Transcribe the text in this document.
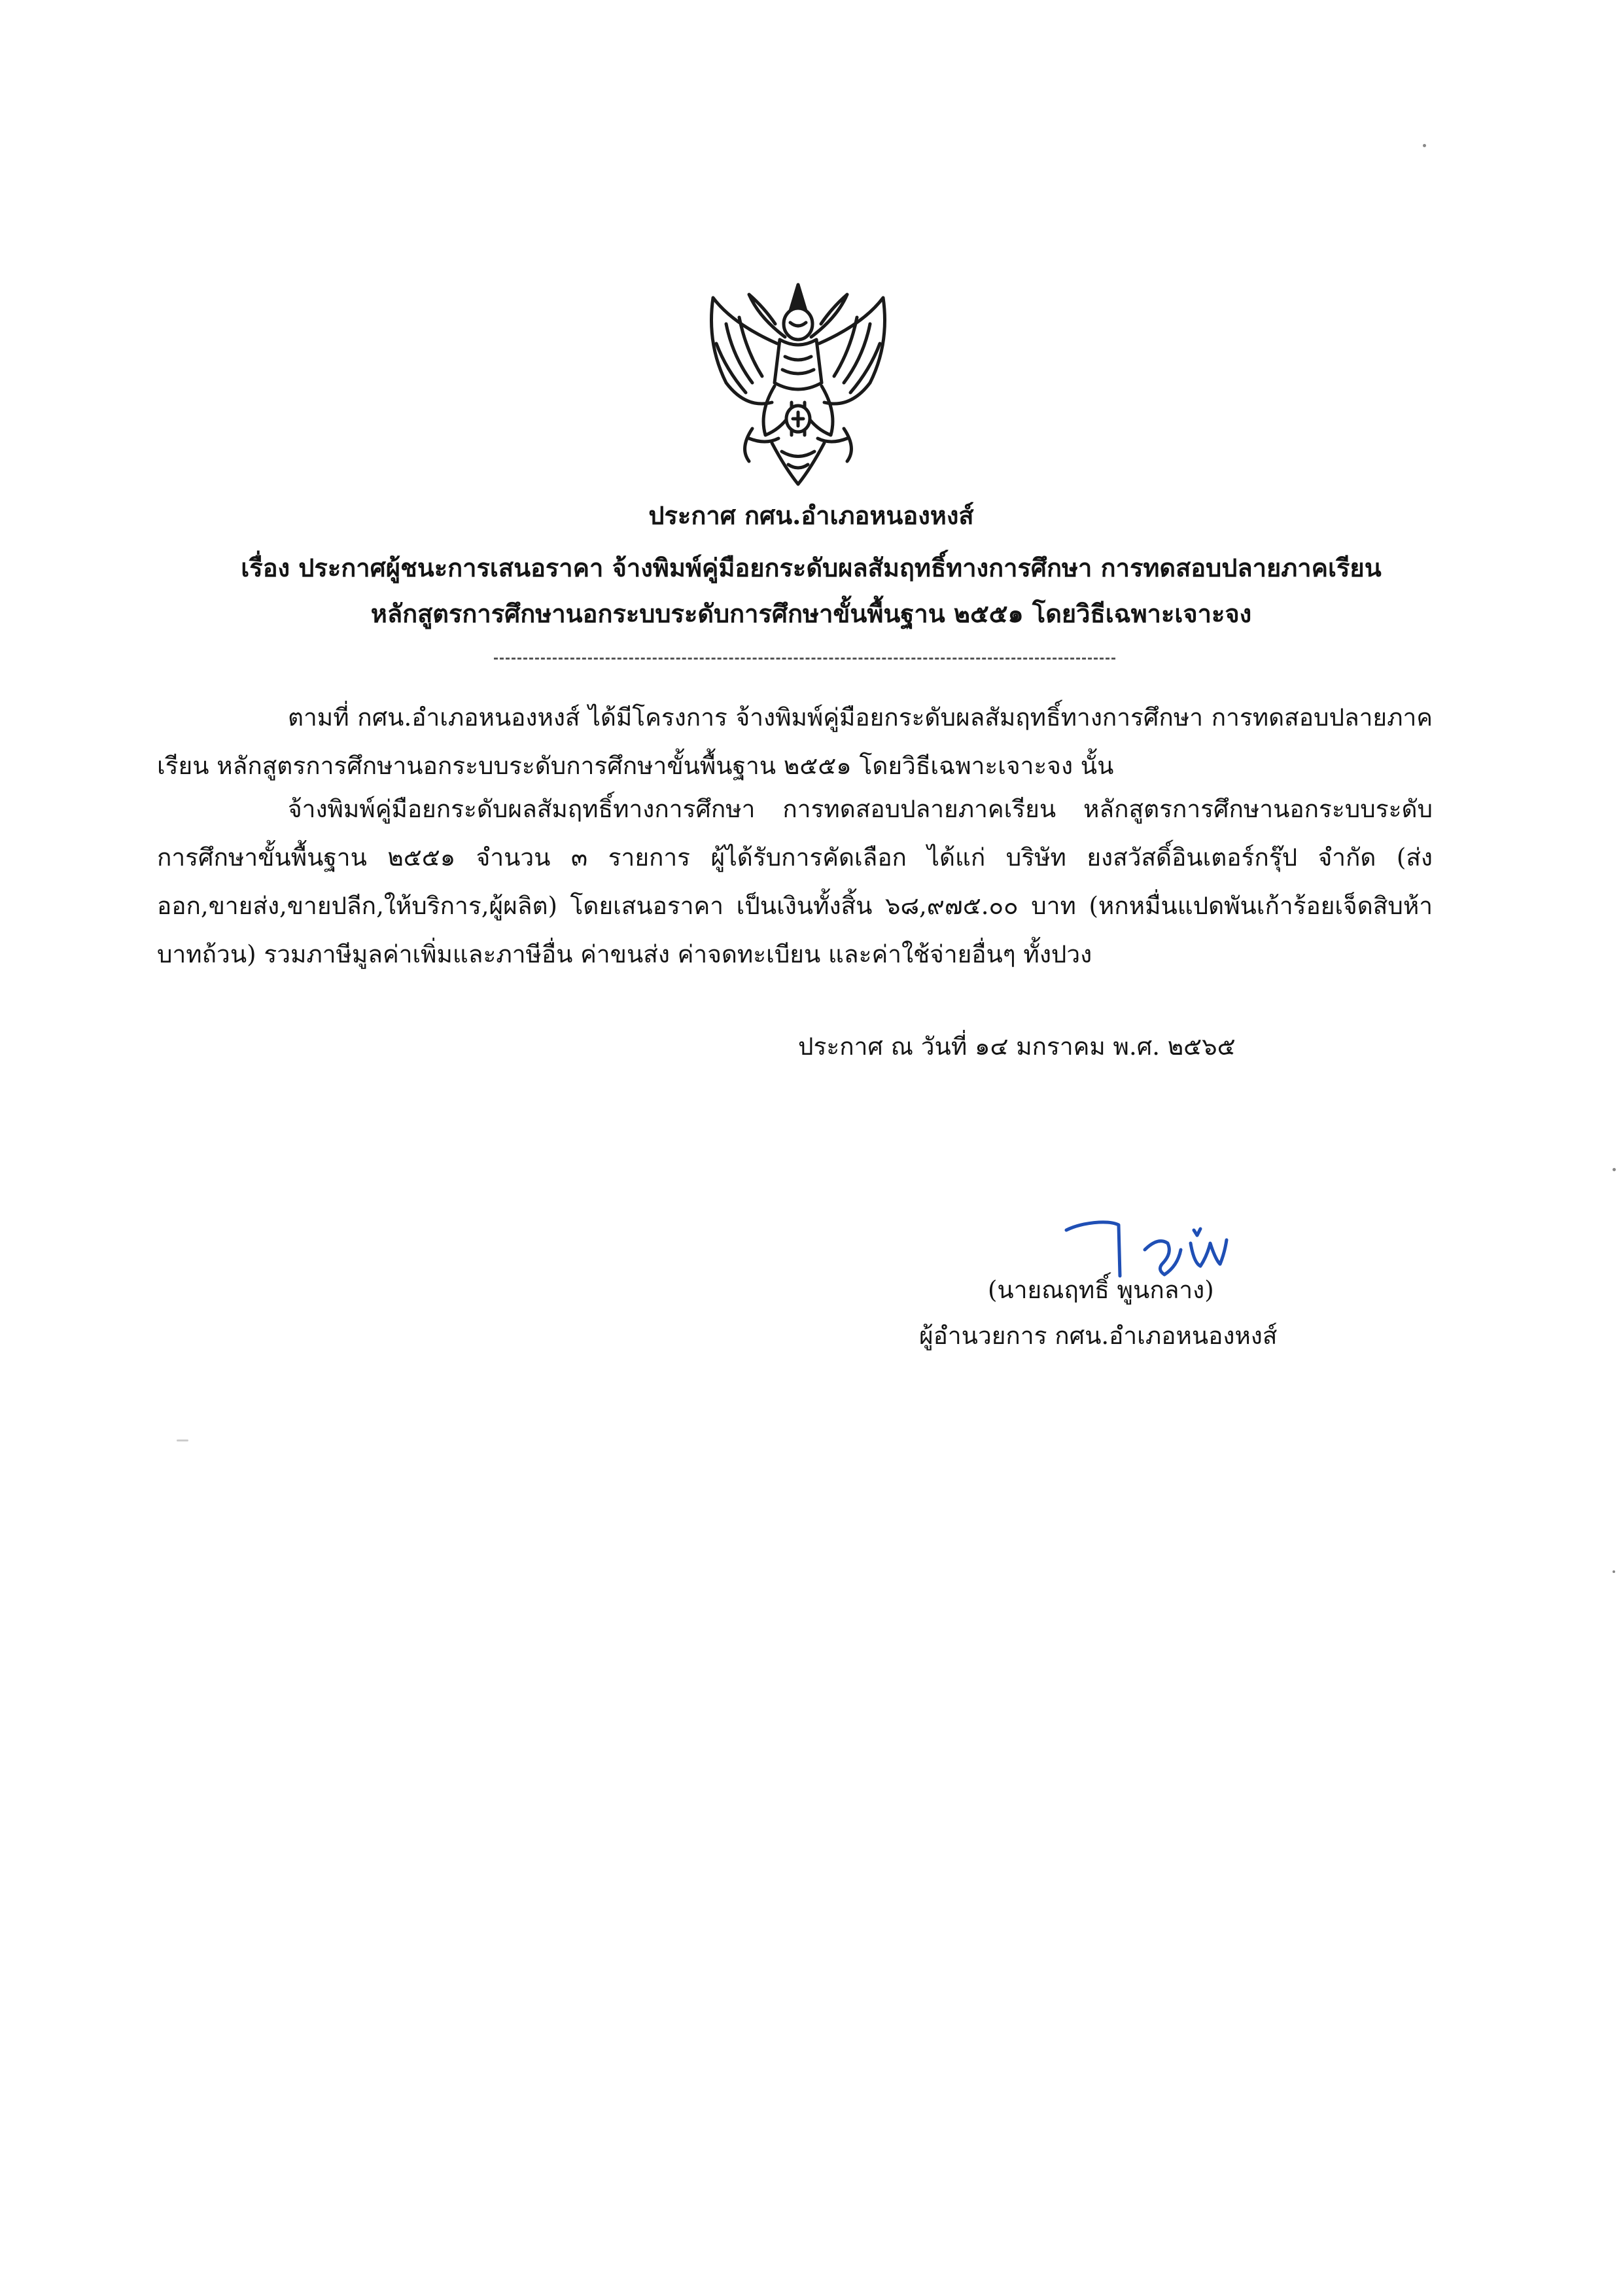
ประกาศ กศน.อำเภอหนองหงส์
เรื่อง ประกาศผู้ชนะการเสนอราคา จ้างพิมพ์คู่มือยกระดับผลสัมฤทธิ์ทางการศึกษา การทดสอบปลายภาคเรียน
หลักสูตรการศึกษานอกระบบระดับการศึกษาขั้นพื้นฐาน ๒๕๕๑ โดยวิธีเฉพาะเจาะจง
ตามที่ กศน.อำเภอหนองหงส์ ได้มีโครงการ จ้างพิมพ์คู่มือยกระดับผลสัมฤทธิ์ทางการศึกษา การทดสอบปลายภาคเรียน หลักสูตรการศึกษานอกระบบระดับการศึกษาขั้นพื้นฐาน ๒๕๕๑ โดยวิธีเฉพาะเจาะจง นั้น
จ้างพิมพ์คู่มือยกระดับผลสัมฤทธิ์ทางการศึกษา การทดสอบปลายภาคเรียน หลักสูตรการศึกษานอกระบบระดับการศึกษาขั้นพื้นฐาน ๒๕๕๑ จำนวน ๓ รายการ ผู้ได้รับการคัดเลือก ได้แก่ บริษัท ยงสวัสดิ์อินเตอร์กรุ๊ป จำกัด (ส่งออก,ขายส่ง,ขายปลีก,ให้บริการ,ผู้ผลิต) โดยเสนอราคา เป็นเงินทั้งสิ้น ๖๘,๙๗๕.๐๐ บาท (หกหมื่นแปดพันเก้าร้อยเจ็ดสิบห้าบาทถ้วน) รวมภาษีมูลค่าเพิ่มและภาษีอื่น ค่าขนส่ง ค่าจดทะเบียน และค่าใช้จ่ายอื่นๆ ทั้งปวง
ประกาศ ณ วันที่ ๑๔ มกราคม พ.ศ. ๒๕๖๕
(นายณฤทธิ์ พูนกลาง)
ผู้อำนวยการ กศน.อำเภอหนองหงส์
